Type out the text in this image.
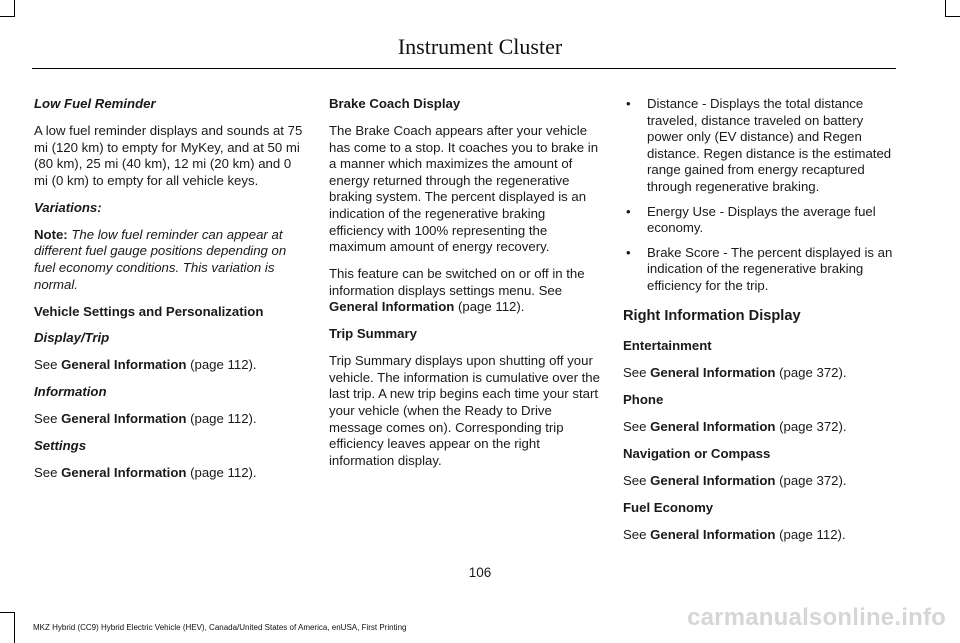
Instrument Cluster

Low Fuel Reminder

A low fuel reminder displays and sounds at 75 mi (120 km) to empty for MyKey, and at 50 mi (80 km), 25 mi (40 km), 12 mi (20 km) and 0 mi (0 km) to empty for all vehicle keys.

Variations:

Note: The low fuel reminder can appear at different fuel gauge positions depending on fuel economy conditions. This variation is normal.

Vehicle Settings and Personalization

Display/Trip

See General Information (page 112).

Information

See General Information (page 112).

Settings

See General Information (page 112).

Brake Coach Display

The Brake Coach appears after your vehicle has come to a stop. It coaches you to brake in a manner which maximizes the amount of energy returned through the regenerative braking system. The percent displayed is an indication of the regenerative braking efficiency with 100% representing the maximum amount of energy recovery.

This feature can be switched on or off in the information displays settings menu. See General Information (page 112).

Trip Summary

Trip Summary displays upon shutting off your vehicle. The information is cumulative over the last trip. A new trip begins each time your start your vehicle (when the Ready to Drive message comes on). Corresponding trip efficiency leaves appear on the right information display.

• Distance - Displays the total distance traveled, distance traveled on battery power only (EV distance) and Regen distance. Regen distance is the estimated range gained from energy recaptured through regenerative braking.
• Energy Use - Displays the average fuel economy.
• Brake Score - The percent displayed is an indication of the regenerative braking efficiency for the trip.

Right Information Display

Entertainment

See General Information (page 372).

Phone

See General Information (page 372).

Navigation or Compass

See General Information (page 372).

Fuel Economy

See General Information (page 112).

106
MKZ Hybrid (CC9) Hybrid Electric Vehicle (HEV), Canada/United States of America, enUSA, First Printing	carmanualsonline.info
